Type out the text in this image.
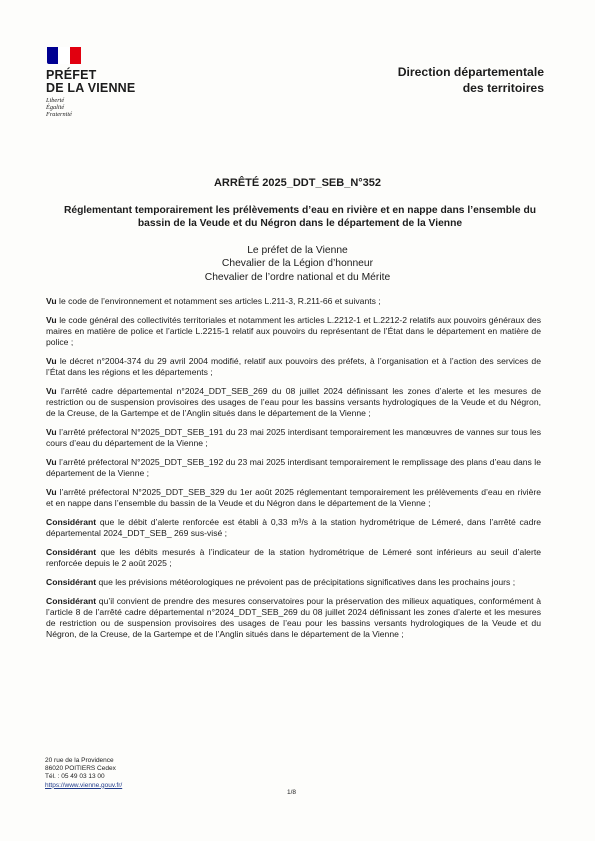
PRÉFET
DE LA VIENNE
Liberté
Égalité
Fraternité
Direction départementale
des territoires
ARRÊTÉ 2025_DDT_SEB_N°352
Réglementant temporairement les prélèvements d’eau en rivière et en nappe dans l’ensemble du bassin de la Veude et du Négron dans le département de la Vienne
Le préfet de la Vienne
Chevalier de la Légion d’honneur
Chevalier de l’ordre national et du Mérite

Vu le code de l’environnement et notamment ses articles L.211-3, R.211-66 et suivants ;

Vu le code général des collectivités territoriales et notamment les articles L.2212-1 et L.2212-2 relatifs aux pouvoirs généraux des maires en matière de police et l’article L.2215-1 relatif aux pouvoirs du représentant de l’État dans le département en matière de police ;

Vu le décret n°2004-374 du 29 avril 2004 modifié, relatif aux pouvoirs des préfets, à l’organisation et à l’action des services de l’État dans les régions et les départements ;

Vu l’arrêté cadre départemental n°2024_DDT_SEB_269 du 08 juillet 2024 définissant les zones d’alerte et les mesures de restriction ou de suspension provisoires des usages de l’eau pour les bassins versants hydrologiques de la Veude et du Négron, de la Creuse, de la Gartempe et de l’Anglin situés dans le département de la Vienne ;

Vu l’arrêté préfectoral N°2025_DDT_SEB_191 du 23 mai 2025 interdisant temporairement les manœuvres de vannes sur tous les cours d’eau du département de la Vienne ;

Vu l’arrêté préfectoral N°2025_DDT_SEB_192 du 23 mai 2025 interdisant temporairement le remplissage des plans d’eau dans le département de la Vienne ;

Vu l’arrêté préfectoral N°2025_DDT_SEB_329 du 1er août 2025 réglementant temporairement les prélèvements d’eau en rivière et en nappe dans l’ensemble du bassin de la Veude et du Négron dans le département de la Vienne ;

Considérant que le débit d’alerte renforcée est établi à 0,33 m³/s à la station hydrométrique de Lémeré, dans l’arrêté cadre départemental 2024_DDT_SEB_ 269 sus-visé ;

Considérant que les débits mesurés à l’indicateur de la station hydrométrique de Lémeré sont inférieurs au seuil d’alerte renforcée depuis le 2 août 2025 ;

Considérant que les prévisions météorologiques ne prévoient pas de précipitations significatives dans les prochains jours ;

Considérant qu’il convient de prendre des mesures conservatoires pour la préservation des milieux aquatiques, conformément à l’article 8 de l’arrêté cadre départemental n°2024_DDT_SEB_269 du 08 juillet 2024 définissant les zones d’alerte et les mesures de restriction ou de suspension provisoires des usages de l’eau pour les bassins versants hydrologiques de la Veude et du Négron, de la Creuse, de la Gartempe et de l’Anglin situés dans le département de la Vienne ;

20 rue de la Providence
86020 POITIERS Cedex
Tél. : 05 49 03 13 00
https://www.vienne.gouv.fr/
1/8
